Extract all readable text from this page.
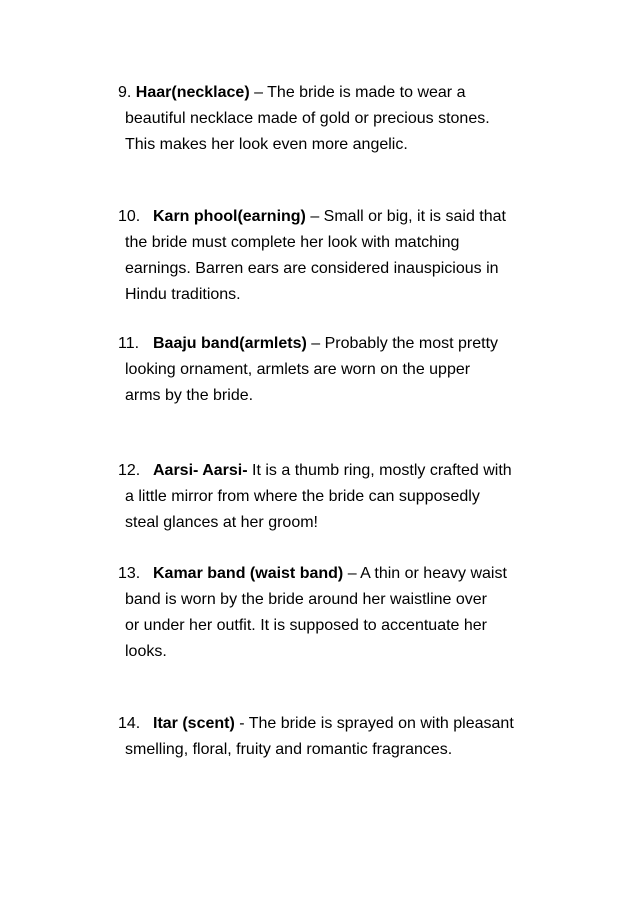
9. Haar(necklace) – The bride is made to wear a
beautiful necklace made of gold or precious stones.
This makes her look even more angelic.
10. Karn phool(earning) – Small or big, it is said that
the bride must complete her look with matching
earnings. Barren ears are considered inauspicious in
Hindu traditions.
11. Baaju band(armlets) – Probably the most pretty
looking ornament, armlets are worn on the upper
arms by the bride.
12. Aarsi- Aarsi- It is a thumb ring, mostly crafted with
a little mirror from where the bride can supposedly
steal glances at her groom!
13. Kamar band (waist band) – A thin or heavy waist
band is worn by the bride around her waistline over
or under her outfit. It is supposed to accentuate her
looks.
14. Itar (scent) - The bride is sprayed on with pleasant
smelling, floral, fruity and romantic fragrances.
